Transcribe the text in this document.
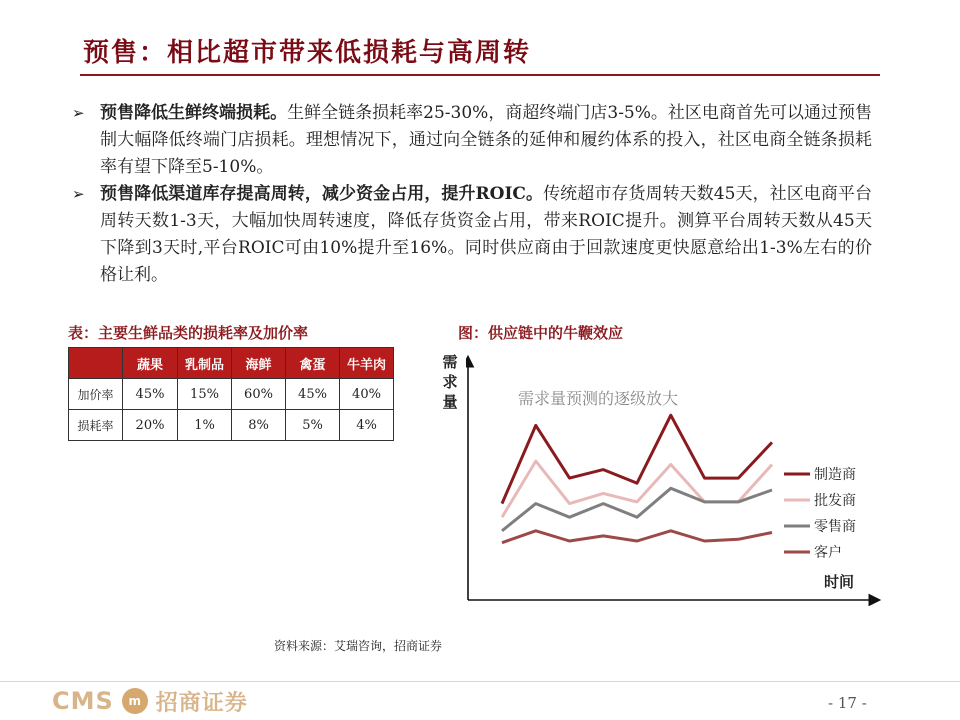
预售：相比超市带来低损耗与高周转
➢ 预售降低生鲜终端损耗。生鲜全链条损耗率25-30%，商超终端门店3-5%。社区电商首先可以通过预售制大幅降低终端门店损耗。理想情况下，通过向全链条的延伸和履约体系的投入，社区电商全链条损耗率有望下降至5-10%。
➢ 预售降低渠道库存提高周转，减少资金占用，提升ROIC。传统超市存货周转天数45天，社区电商平台周转天数1-3天，大幅加快周转速度，降低存货资金占用，带来ROIC提升。测算平台周转天数从45天下降到3天时,平台ROIC可由10%提升至16%。同时供应商由于回款速度更快愿意给出1-3%左右的价格让利。
表：主要生鲜品类的损耗率及加价率	图：供应链中的牛鞭效应
	蔬果	乳制品	海鲜	禽蛋	牛羊肉
加价率	45%	15%	60%	45%	40%
损耗率	20%	1%	8%	5%	4%
制造商
批发商
零售商
客户
需求量	需求量预测的逐级放大
时间
资料来源：艾瑞咨询，招商证券
CMS	m 招商证券	- 17 -
